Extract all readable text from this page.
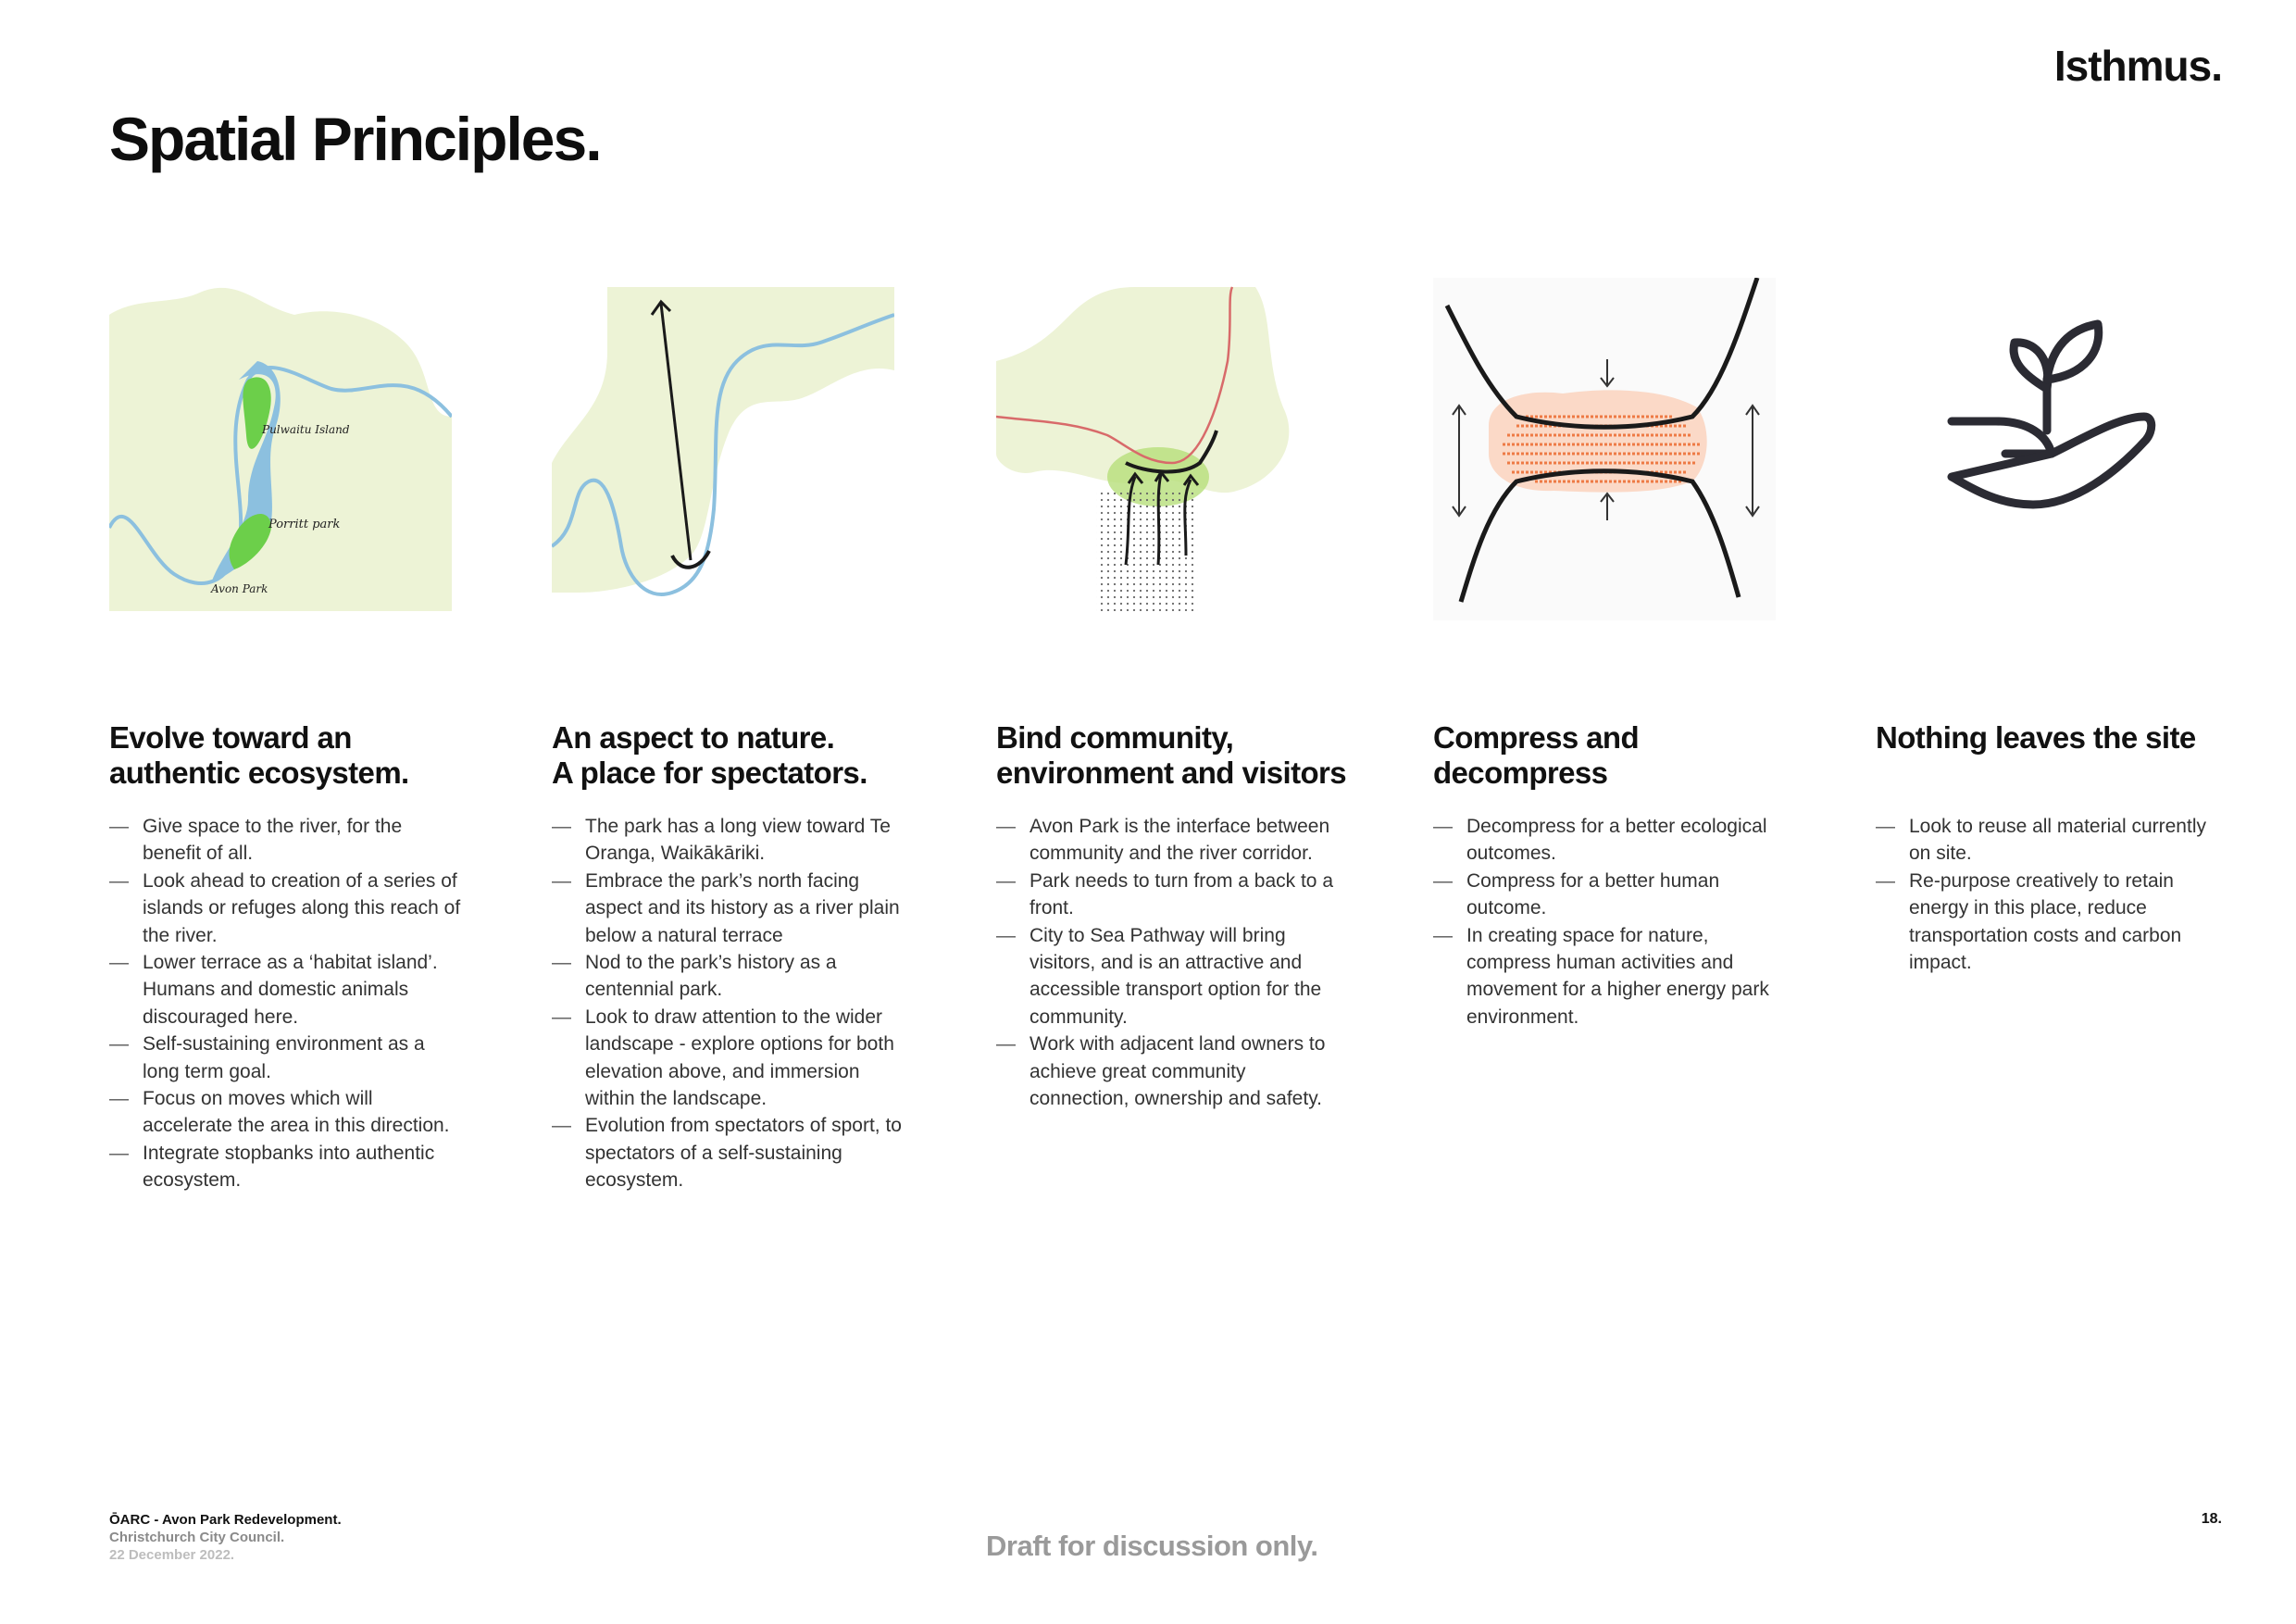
Isthmus.
Spatial Principles.
Pulwaitu Island
Porritt park
Avon Park
Evolve toward an
authentic ecosystem.
— Give space to the river, for the benefit of all.
— Look ahead to creation of a series of islands or refuges along this reach of the river.
— Lower terrace as a ‘habitat island’. Humans and domestic animals discouraged here.
— Self-sustaining environment as a long term goal.
— Focus on moves which will accelerate the area in this direction.
— Integrate stopbanks into authentic ecosystem.
An aspect to nature.
A place for spectators.
— The park has a long view toward Te Oranga, Waikākāriki.
— Embrace the park’s north facing aspect and its history as a river plain below a natural terrace
— Nod to the park’s history as a centennial park.
— Look to draw attention to the wider landscape - explore options for both elevation above, and immersion within the landscape.
— Evolution from spectators of sport, to spectators of a self-sustaining ecosystem.
Bind community,
environment and visitors
— Avon Park is the interface between community and the river corridor.
— Park needs to turn from a back to a front.
— City to Sea Pathway will bring visitors, and is an attractive and accessible transport option for the community.
— Work with adjacent land owners to achieve great community connection, ownership and safety.
Compress and
decompress
— Decompress for a better ecological outcomes.
— Compress for a better human outcome.
— In creating space for nature, compress human activities and movement for a higher energy park environment.
Nothing leaves the site
— Look to reuse all material currently on site.
— Re-purpose creatively to retain energy in this place, reduce transportation costs and carbon impact.
ŌARC - Avon Park Redevelopment.
Christchurch City Council.
22 December 2022.	Draft for discussion only.
18.
